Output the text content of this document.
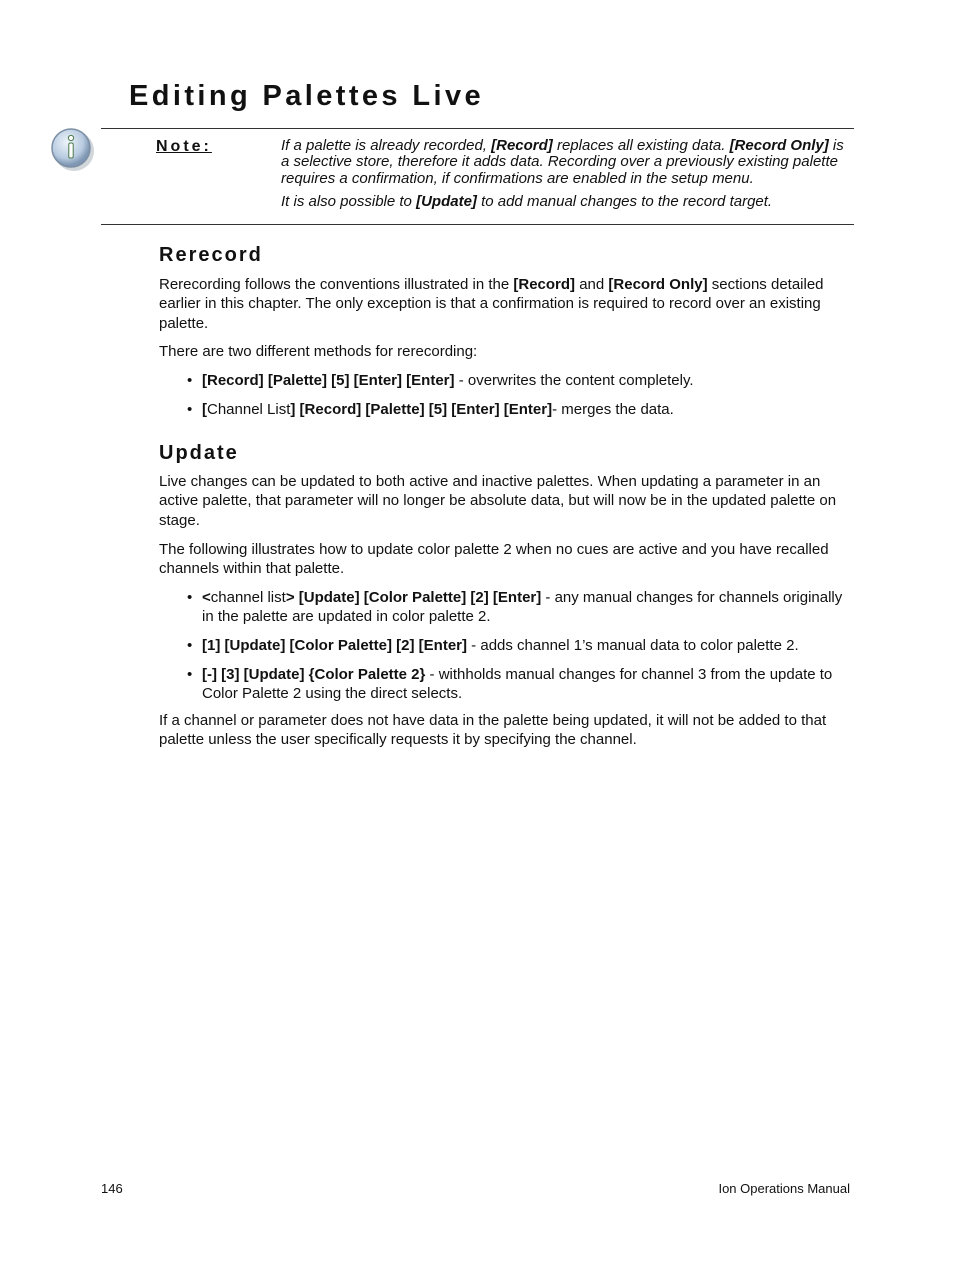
Editing Palettes Live
Note:	If a palette is already recorded, [Record] replaces all existing data. [Record Only] is a selective store, therefore it adds data. Recording over a previously existing palette requires a confirmation, if confirmations are enabled in the setup menu.

It is also possible to [Update] to add manual changes to the record target.

Rerecord

Rerecording follows the conventions illustrated in the [Record] and [Record Only] sections detailed earlier in this chapter. The only exception is that a confirmation is required to record over an existing palette.

There are two different methods for rerecording:

• [Record] [Palette] [5] [Enter] [Enter] - overwrites the content completely.
• [Channel List] [Record] [Palette] [5] [Enter] [Enter]- merges the data.
Update

Live changes can be updated to both active and inactive palettes. When updating a parameter in an active palette, that parameter will no longer be absolute data, but will now be in the updated palette on stage.

The following illustrates how to update color palette 2 when no cues are active and you have recalled channels within that palette.

• <channel list> [Update] [Color Palette] [2] [Enter] - any manual changes for channels originally in the palette are updated in color palette 2.
• [1] [Update] [Color Palette] [2] [Enter] - adds channel 1’s manual data to color palette 2.
• [-] [3] [Update] {Color Palette 2} - withholds manual changes for channel 3 from the update to Color Palette 2 using the direct selects.

If a channel or parameter does not have data in the palette being updated, it will not be added to that palette unless the user specifically requests it by specifying the channel.

146	Ion Operations Manual
